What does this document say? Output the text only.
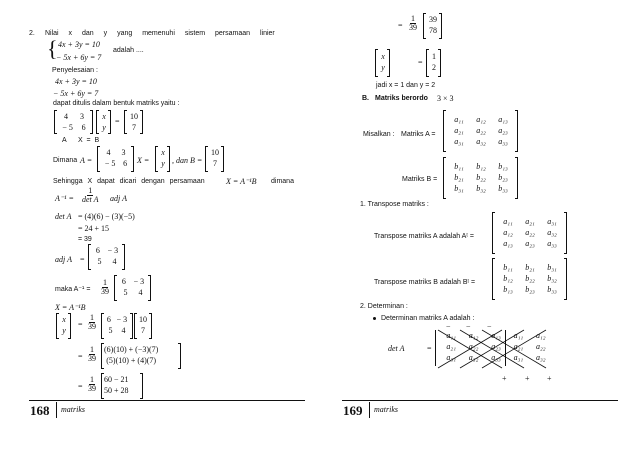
2. Nilai x dan y yang memenuhi sistem persamaan linier
{ 4x + 3y = 10
− 5x + 6y = 7
adalah ....
Penyelesaian :
4x + 3y = 10
− 5x + 6y = 7
dapat ditulis dalam bentuk matriks yaitu :
4 3
− 5 6
x
y
=
10
7
A      X  =  B
Dimana A =
4 3
− 5 6 X =
x
y , dan B =
10
7
Sehingga X dapat dicari dengan persamaan	X = A⁻¹B dimana
$A^{-1} = \frac{1}{\text{det A}}$ adj A
det A = (4)(6) − (3)(−5)
= 24 + 15
= 39
adj A =
6 − 3
5 4
maka $A^{-1} = \frac{1}{39} 6 - 3$
5 4
X = A⁻¹B
x
y
= $\frac{1}{39} 6 - 3$
5 4
10
7
= $\frac{1}{39} (6)(10) + (-3)(7)$
(5)(10) + (4)(7)
= $\frac{1}{39} 60 - 21$
50 + 28
168 matriks
= $\frac{1}{39} 39$
78
x
y
=
1
2
jadi x = 1 dan y = 2
B. Matriks berordo 3 × 3
Misalkan : Matriks A =
a₁₁ a₁₂ a₁₃
a₂₁ a₂₂ a₂₃
a₃₁ a₃₂ a₃₃
Matriks B =
b₁₁ b₁₂ b₁₃
b₂₁ b₂₂ b₂₃
b₃₁ b₃₂ b₃₃
1. Transpose matriks :
Transpose matriks A adalah Aᵗ =
a₁₁ a₂₁ a₃₁
a₁₂ a₂₂ a₃₂
a₁₃ a₂₃ a₃₃
Transpose matriks B adalah Bᵗ =
b₁₁ b₂₁ b₃₁
b₁₂ b₂₂ b₃₂
b₁₃ b₂₃ b₃₃
2. Determinan :
Determinan matriks A adalah :
det A	=
− − −
a₁₁ a₁₂ a₁₃ a₁₁ a₁₂
a₂₁ a₂₂ a₂₃ a₂₁ a₂₂
a₃₁ a₃₂ a₃₃ a₃₁ a₃₂
+ + +
169 matriks
